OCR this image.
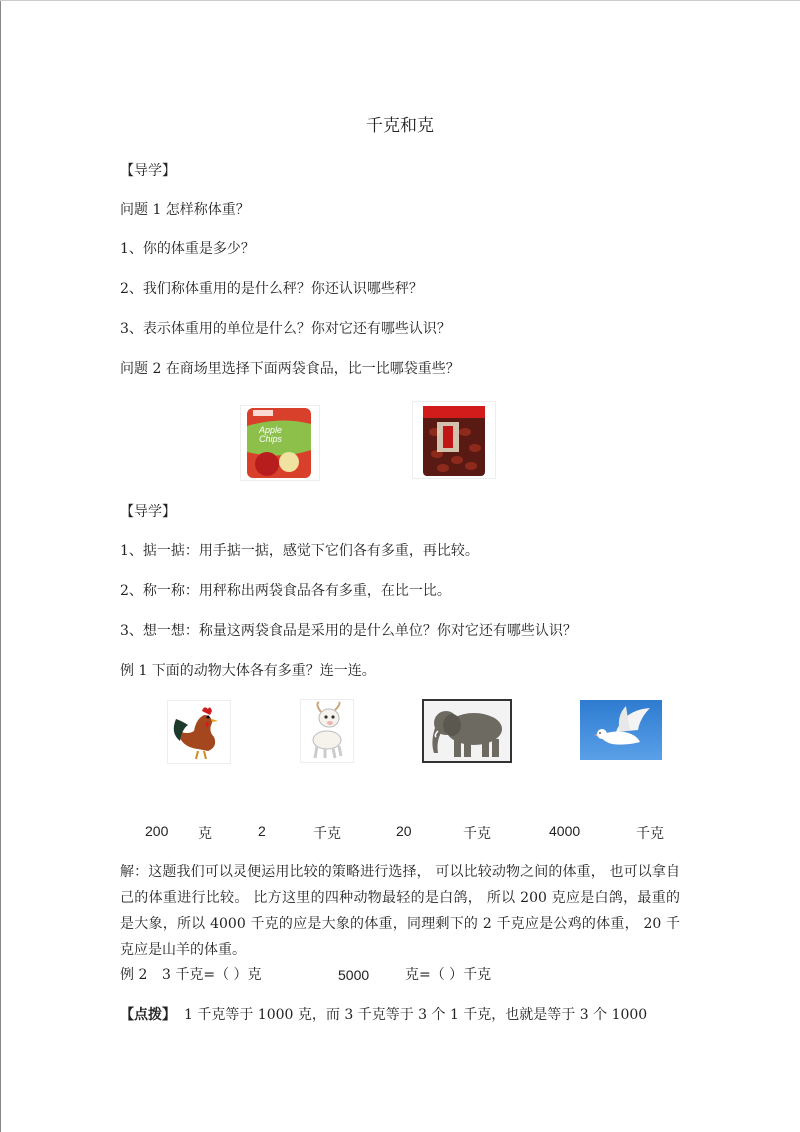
千克和克
【导学】
问题 1 怎样称体重？
1、你的体重是多少？
2、我们称体重用的是什么秤？你还认识哪些秤？
3、表示体重用的单位是什么？你对它还有哪些认识？
问题 2 在商场里选择下面两袋食品，比一比哪袋重些？
Apple Chips
【导学】
1、掂一掂：用手掂一掂，感觉下它们各有多重，再比较。
2、称一称：用秤称出两袋食品各有多重，在比一比。
3、想一想：称量这两袋食品是采用的是什么单位？你对它还有哪些认识？
例 1 下面的动物大体各有多重？连一连。
200 克	2	千克	20	千克	4000	千克
解：这题我们可以灵便运用比较的策略进行选择， 可以比较动物之间的体重， 也可以拿自己的体重进行比较。 比方这里的四种动物最轻的是白鸽， 所以 200 克应是白鸽，最重的是大象，所以 4000 千克的应是大象的体重，同理剩下的 2 千克应是公鸡的体重， 20 千克应是山羊的体重。
例 2 3 千克=（ ）克	5000	克=（ ）千克
【点拨】 1 千克等于 1000 克，而 3 千克等于 3 个 1 千克，也就是等于 3 个 1000
